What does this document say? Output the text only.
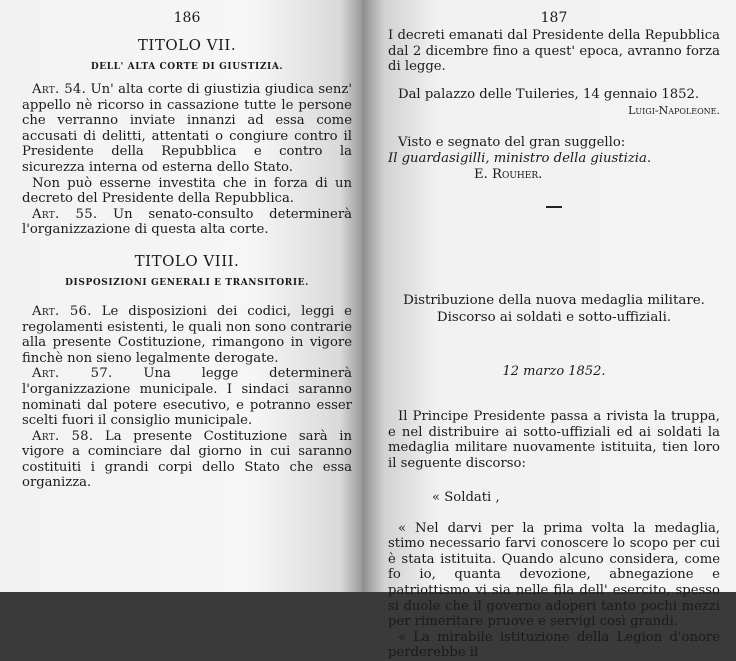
186
TITOLO VII.
DELL' ALTA CORTE DI GIUSTIZIA.

Art. 54. Un' alta corte di giustizia giudica senz' appello nè ricorso in cassazione tutte le persone che verranno inviate innanzi ad essa come accusati di delitti, attentati o congiure contro il Presidente della Repubblica e contro la sicurezza interna od esterna dello Stato.

Non può esserne investita che in forza di un decreto del Presidente della Repubblica.

Art. 55. Un senato-consulto determinerà l'organizzazione di questa alta corte.

TITOLO VIII.
DISPOSIZIONI GENERALI E TRANSITORIE.

Art. 56. Le disposizioni dei codici, leggi e regolamenti esistenti, le quali non sono contrarie alla presente Costituzione, rimangono in vigore finchè non sieno legalmente derogate.

Art. 57. Una legge determinerà l'organizzazione municipale. I sindaci saranno nominati dal potere esecutivo, e potranno esser scelti fuori il consiglio municipale.

Art. 58. La presente Costituzione sarà in vigore a cominciare dal giorno in cui saranno costituiti i grandi corpi dello Stato che essa organizza.

187

I decreti emanati dal Presidente della Repubblica dal 2 dicembre fino a quest' epoca, avranno forza di legge.

Dal palazzo delle Tuileries, 14 gennaio 1852.

Luigi-Napoleone.

Visto e segnato del gran suggello:

Il guardasigilli, ministro della giustizia.

E. Rouher.

Distribuzione della nuova medaglia militare.
Discorso ai soldati e sotto-uffiziali.
12 marzo 1852.

Il Principe Presidente passa a rivista la truppa, e nel distribuire ai sotto-uffiziali ed ai soldati la medaglia militare nuovamente istituita, tien loro il seguente discorso:

« Soldati ,

« Nel darvi per la prima volta la medaglia, stimo necessario farvi conoscere lo scopo per cui è stata istituita. Quando alcuno considera, come fo io, quanta devozione, abnegazione e patriottismo vi sia nelle fila dell' esercito, spesso si duole che il governo adoperi tanto pochi mezzi per rimeritare pruove e servigi così grandi.

« La mirabile istituzione della Legion d'onore perderebbe il
